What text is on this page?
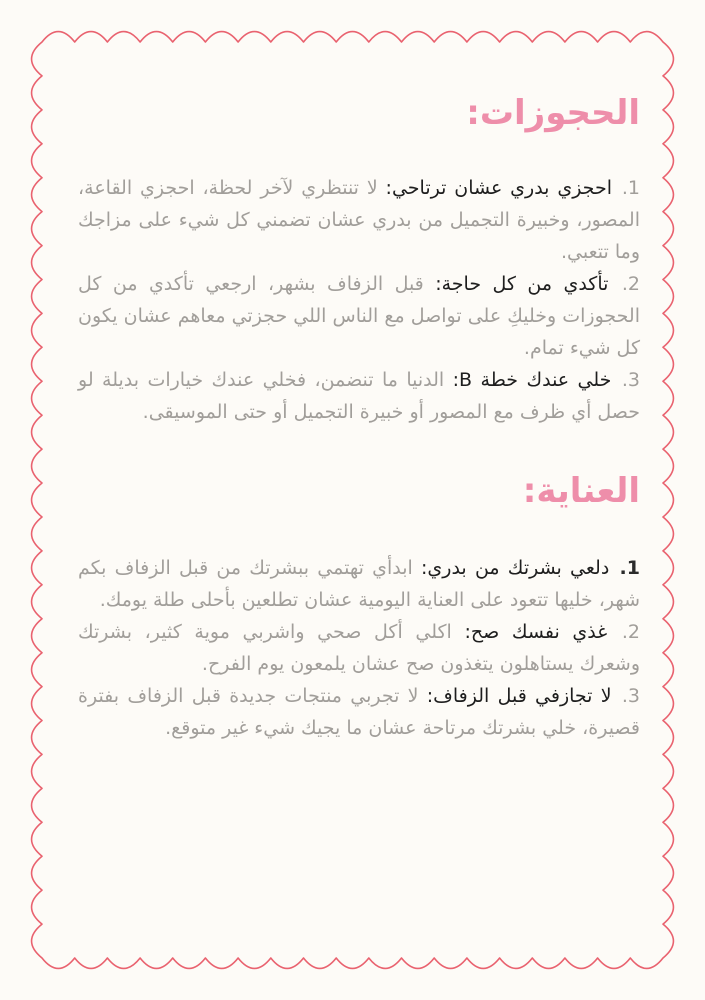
الحجوزات:
1. احجزي بدري عشان ترتاحي: لا تنتظري لآخر لحظة، احجزي القاعة، المصور، وخبيرة التجميل من بدري عشان تضمني كل شيء على مزاجك وما تتعبي.
2. تأكدي من كل حاجة: قبل الزفاف بشهر، ارجعي تأكدي من كل الحجوزات وخليكِ على تواصل مع الناس اللي حجزتي معاهم عشان يكون كل شيء تمام.
3. خلي عندك خطة B: الدنيا ما تنضمن، فخلي عندك خيارات بديلة لو حصل أي ظرف مع المصور أو خبيرة التجميل أو حتى الموسيقى.
العناية:
1. دلعي بشرتك من بدري: ابدأي تهتمي ببشرتك من قبل الزفاف بكم شهر، خليها تتعود على العناية اليومية عشان تطلعين بأحلى طلة يومك.
2. غذي نفسك صح: اكلي أكل صحي واشربي موية كثير، بشرتك وشعرك يستاهلون يتغذون صح عشان يلمعون يوم الفرح.
3. لا تجازفي قبل الزفاف: لا تجربي منتجات جديدة قبل الزفاف بفترة قصيرة، خلي بشرتك مرتاحة عشان ما يجيك شيء غير متوقع.
